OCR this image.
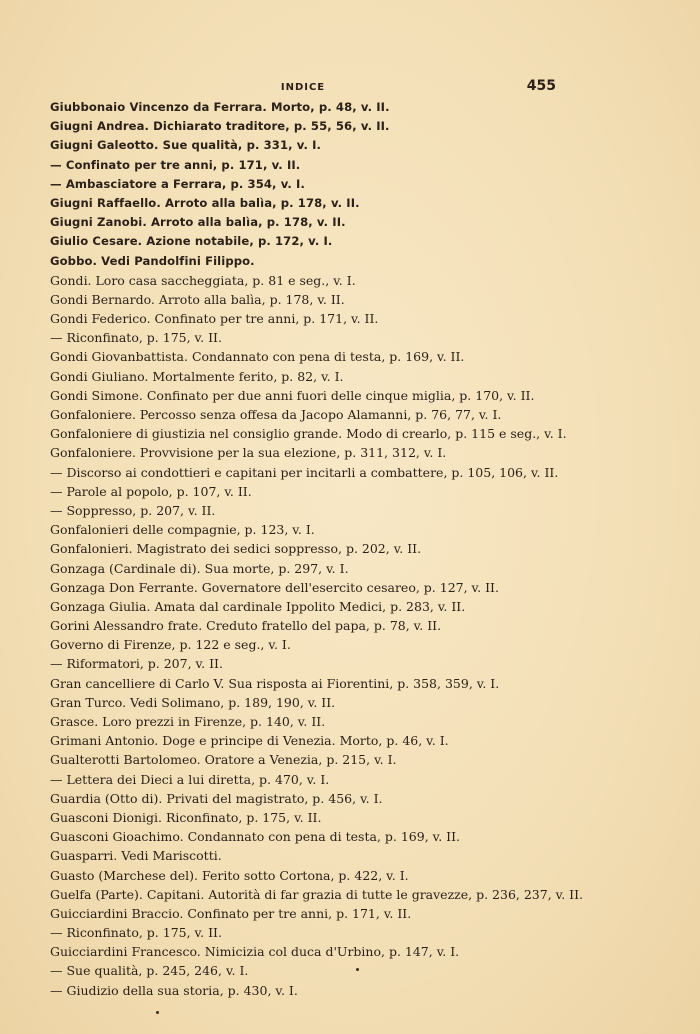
INDICE	455
Giubbonaio Vincenzo da Ferrara. Morto, p. 48, v. II.
Giugni Andrea. Dichiarato traditore, p. 55, 56, v. II.
Giugni Galeotto. Sue qualità, p. 331, v. I.
— Confinato per tre anni, p. 171, v. II.
— Ambasciatore a Ferrara, p. 354, v. I.
Giugni Raffaello. Arroto alla balìa, p. 178, v. II.
Giugni Zanobi. Arroto alla balìa, p. 178, v. II.
Giulio Cesare. Azione notabile, p. 172, v. I.
Gobbo. Vedi Pandolfini Filippo.
Gondi. Loro casa saccheggiata, p. 81 e seg., v. I.
Gondi Bernardo. Arroto alla balìa, p. 178, v. II.
Gondi Federico. Confinato per tre anni, p. 171, v. II.
— Riconfinato, p. 175, v. II.
Gondi Giovanbattista. Condannato con pena di testa, p. 169, v. II.
Gondi Giuliano. Mortalmente ferito, p. 82, v. I.
Gondi Simone. Confinato per due anni fuori delle cinque miglia, p. 170, v. II.
Gonfaloniere. Percosso senza offesa da Jacopo Alamanni, p. 76, 77, v. I.
Gonfaloniere di giustizia nel consiglio grande. Modo di crearlo, p. 115 e seg., v. I.
Gonfaloniere. Provvisione per la sua elezione, p. 311, 312, v. I.
— Discorso ai condottieri e capitani per incitarli a combattere, p. 105, 106, v. II.
— Parole al popolo, p. 107, v. II.
— Soppresso, p. 207, v. II.
Gonfalonieri delle compagnie, p. 123, v. I.
Gonfalonieri. Magistrato dei sedici soppresso, p. 202, v. II.
Gonzaga (Cardinale di). Sua morte, p. 297, v. I.
Gonzaga Don Ferrante. Governatore dell'esercito cesareo, p. 127, v. II.
Gonzaga Giulia. Amata dal cardinale Ippolito Medici, p. 283, v. II.
Gorini Alessandro frate. Creduto fratello del papa, p. 78, v. II.
Governo di Firenze, p. 122 e seg., v. I.
— Riformatori, p. 207, v. II.
Gran cancelliere di Carlo V. Sua risposta ai Fiorentini, p. 358, 359, v. I.
Gran Turco. Vedi Solimano, p. 189, 190, v. II.
Grasce. Loro prezzi in Firenze, p. 140, v. II.
Grimani Antonio. Doge e principe di Venezia. Morto, p. 46, v. I.
Gualterotti Bartolomeo. Oratore a Venezia, p. 215, v. I.
— Lettera dei Dieci a lui diretta, p. 470, v. I.
Guardia (Otto di). Privati del magistrato, p. 456, v. I.
Guasconi Dionigi. Riconfinato, p. 175, v. II.
Guasconi Gioachimo. Condannato con pena di testa, p. 169, v. II.
Guasparri. Vedi Mariscotti.
Guasto (Marchese del). Ferito sotto Cortona, p. 422, v. I.
Guelfa (Parte). Capitani. Autorità di far grazia di tutte le gravezze, p. 236, 237, v. II.
Guicciardini Braccio. Confinato per tre anni, p. 171, v. II.
— Riconfinato, p. 175, v. II.
Guicciardini Francesco. Nimicizia col duca d'Urbino, p. 147, v. I.
— Sue qualità, p. 245, 246, v. I.
— Giudizio della sua storia, p. 430, v. I.
